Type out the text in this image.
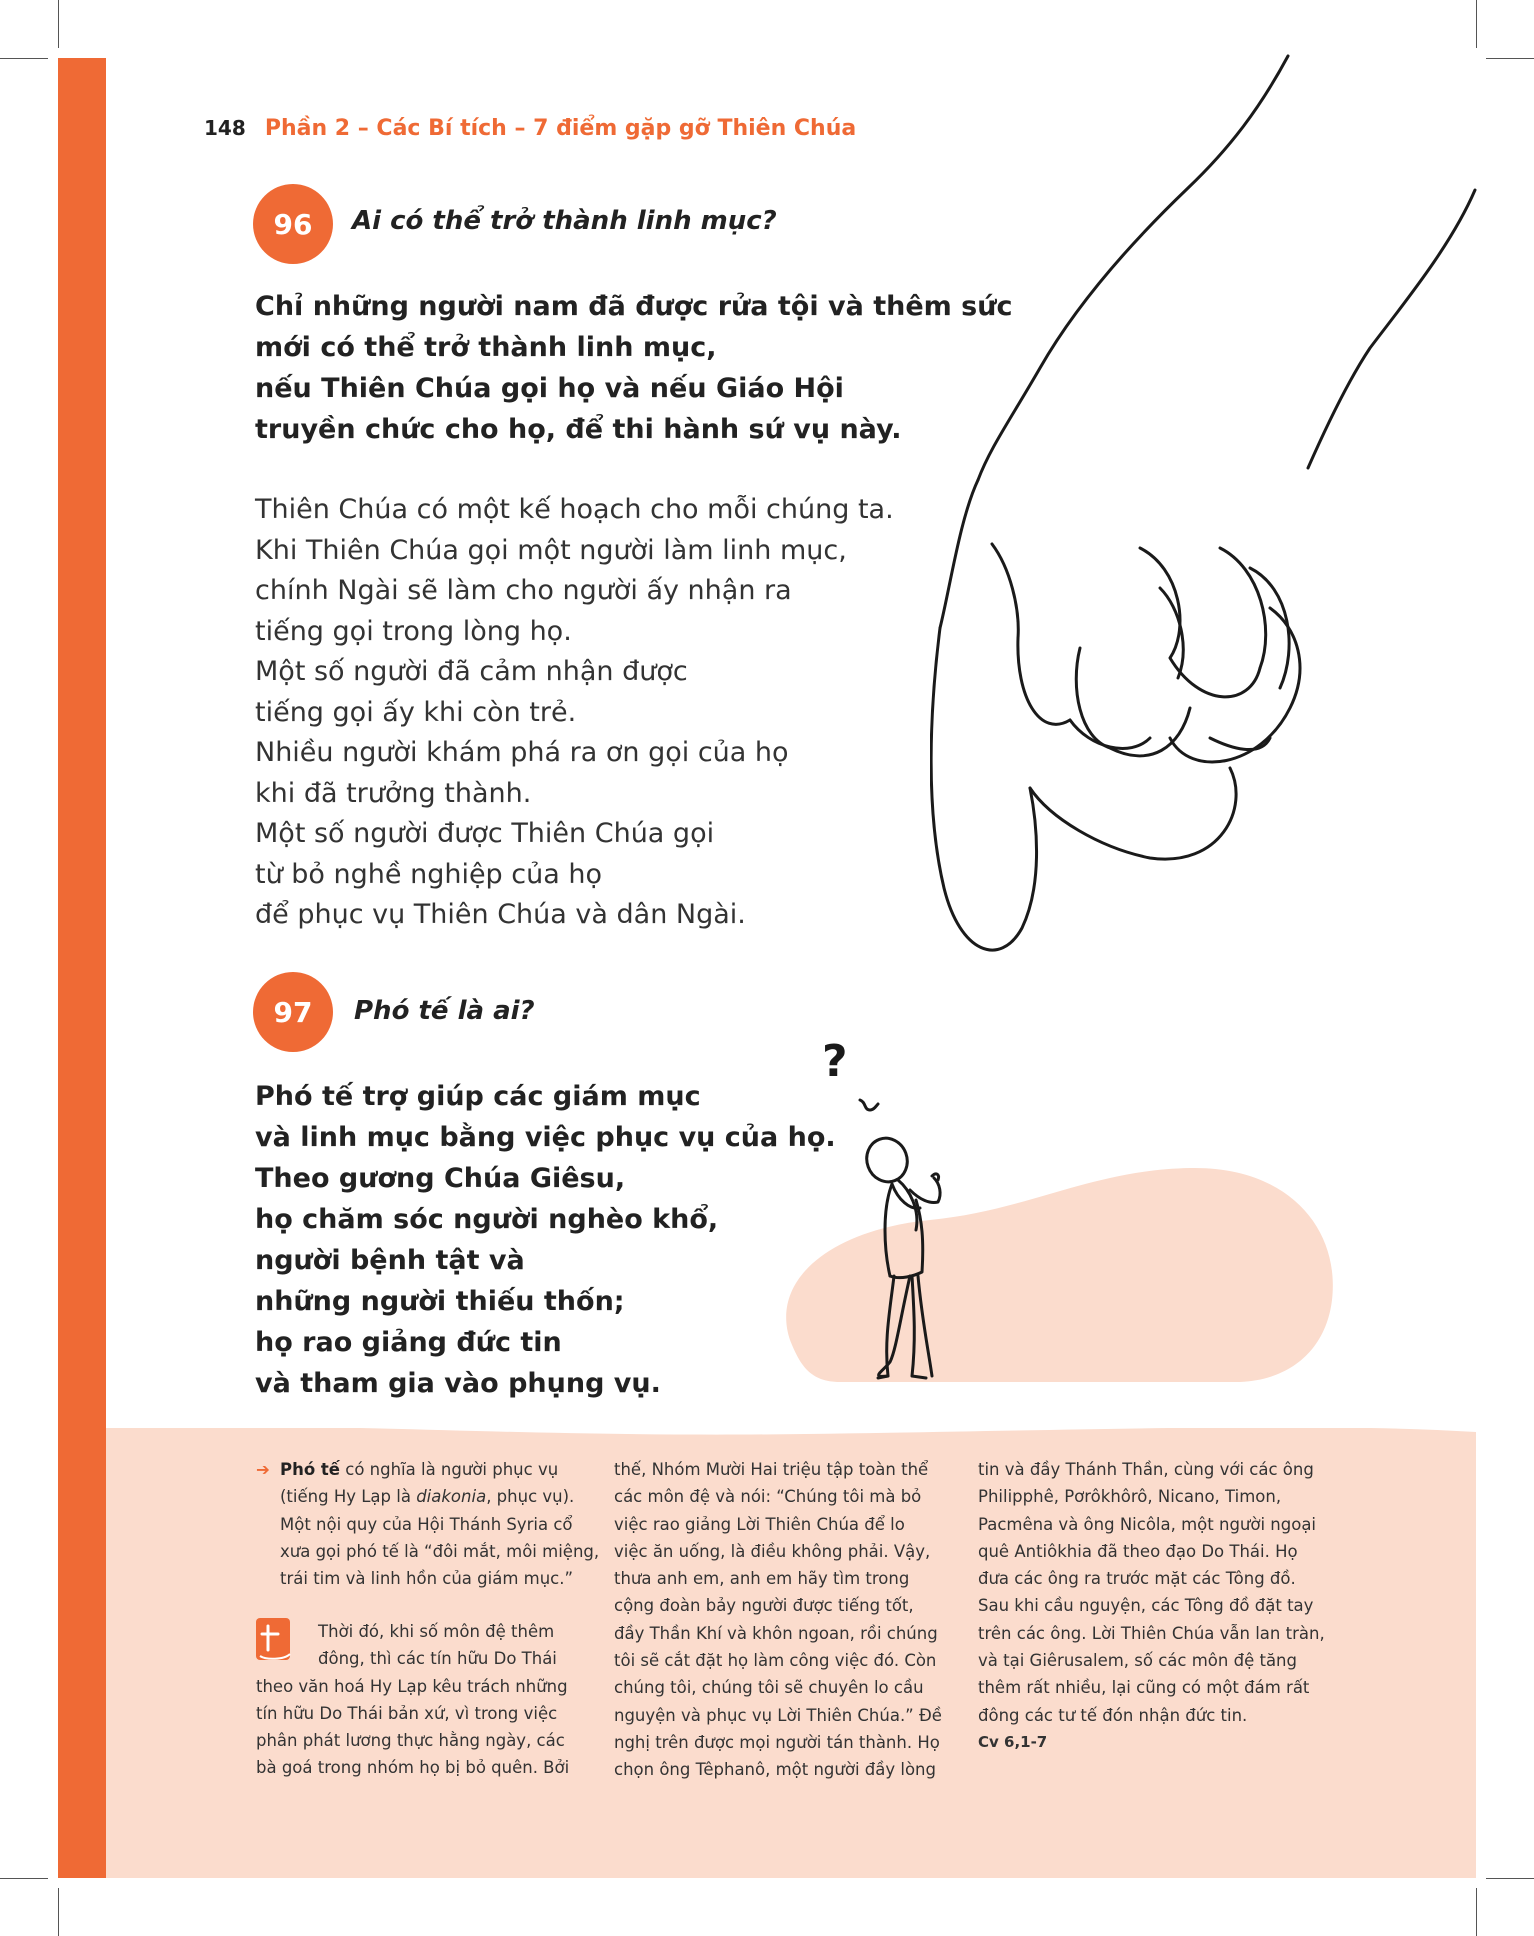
148 Phần 2 – Các Bí tích – 7 điểm gặp gỡ Thiên Chúa
96	Ai có thể trở thành linh mục?
Chỉ những người nam đã được rửa tội và thêm sức
mới có thể trở thành linh mục,
nếu Thiên Chúa gọi họ và nếu Giáo Hội
truyền chức cho họ, để thi hành sứ vụ này.
Thiên Chúa có một kế hoạch cho mỗi chúng ta.
Khi Thiên Chúa gọi một người làm linh mục,
chính Ngài sẽ làm cho người ấy nhận ra
tiếng gọi trong lòng họ.
Một số người đã cảm nhận được
tiếng gọi ấy khi còn trẻ.
Nhiều người khám phá ra ơn gọi của họ
khi đã trưởng thành.
Một số người được Thiên Chúa gọi
từ bỏ nghề nghiệp của họ
để phục vụ Thiên Chúa và dân Ngài.
97	Phó tế là ai?
Phó tế trợ giúp các giám mục
và linh mục bằng việc phục vụ của họ.
Theo gương Chúa Giêsu,
họ chăm sóc người nghèo khổ,
người bệnh tật và
những người thiếu thốn;
họ rao giảng đức tin
và tham gia vào phụng vụ.
?
➔ Phó tế có nghĩa là người phục vụ
(tiếng Hy Lạp là diakonia, phục vụ).
Một nội quy của Hội Thánh Syria cổ
xưa gọi phó tế là “đôi mắt, môi miệng,
trái tim và linh hồn của giám mục.”
Thời đó, khi số môn đệ thêm
đông, thì các tín hữu Do Thái
theo văn hoá Hy Lạp kêu trách những
tín hữu Do Thái bản xứ, vì trong việc
phân phát lương thực hằng ngày, các
bà goá trong nhóm họ bị bỏ quên. Bởi
thế, Nhóm Mười Hai triệu tập toàn thể
các môn đệ và nói: “Chúng tôi mà bỏ
việc rao giảng Lời Thiên Chúa để lo
việc ăn uống, là điều không phải. Vậy,
thưa anh em, anh em hãy tìm trong
cộng đoàn bảy người được tiếng tốt,
đầy Thần Khí và khôn ngoan, rồi chúng
tôi sẽ cắt đặt họ làm công việc đó. Còn
chúng tôi, chúng tôi sẽ chuyên lo cầu
nguyện và phục vụ Lời Thiên Chúa.” Đề
nghị trên được mọi người tán thành. Họ
chọn ông Têphanô, một người đầy lòng
tin và đầy Thánh Thần, cùng với các ông
Philipphê, Pơrôkhôrô, Nicano, Timon,
Pacmêna và ông Nicôla, một người ngoại
quê Antiôkhia đã theo đạo Do Thái. Họ
đưa các ông ra trước mặt các Tông đồ.
Sau khi cầu nguyện, các Tông đồ đặt tay
trên các ông. Lời Thiên Chúa vẫn lan tràn,
và tại Giêrusalem, số các môn đệ tăng
thêm rất nhiều, lại cũng có một đám rất
đông các tư tế đón nhận đức tin.
Cv 6,1-7
